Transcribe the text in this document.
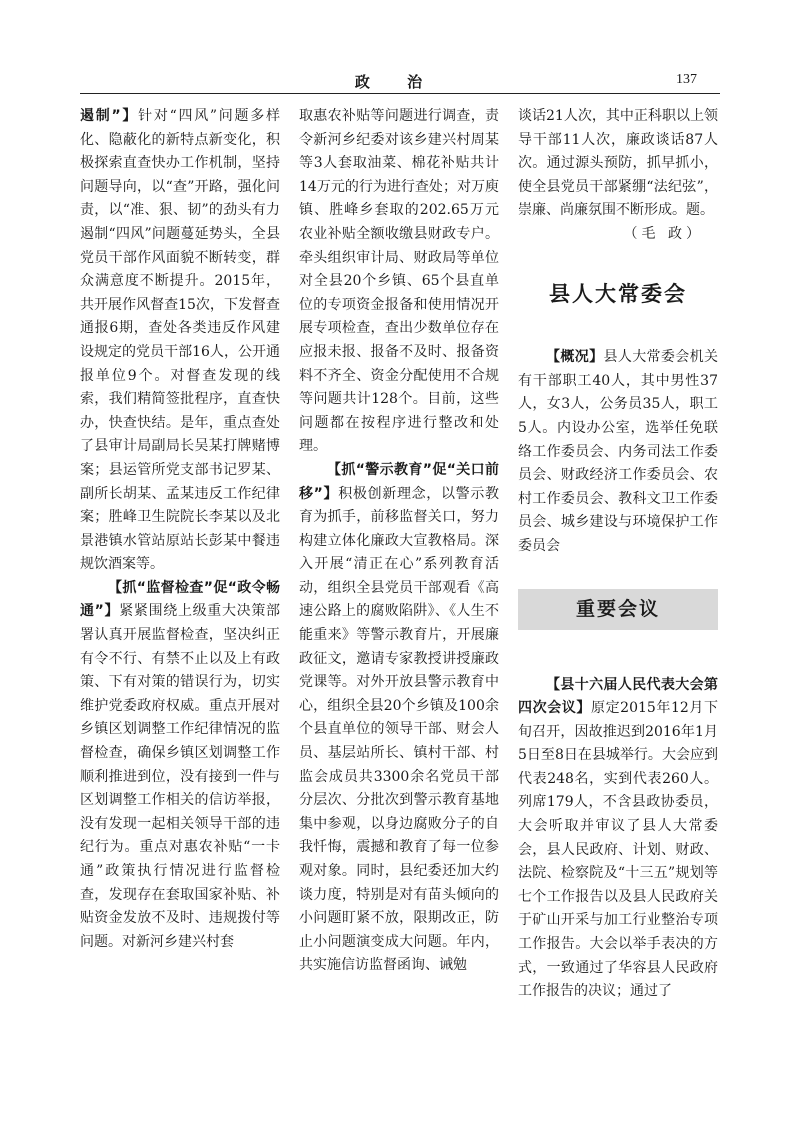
政 治	137

遏制”】针对“四风”问题多样化、隐蔽化的新特点新变化，积极探索直查快办工作机制，坚持问题导向，以“查”开路，强化问责，以“准、狠、韧”的劲头有力遏制“四风”问题蔓延势头，全县党员干部作风面貌不断转变，群众满意度不断提升。2015年，共开展作风督查15次，下发督查通报6期，查处各类违反作风建设规定的党员干部16人，公开通报单位9个。对督查发现的线索，我们精简签批程序，直查快办，快查快结。是年，重点查处了县审计局副局长吴某打牌赌博案；县运管所党支部书记罗某、副所长胡某、孟某违反工作纪律案；胜峰卫生院院长李某以及北景港镇水管站原站长彭某中餐违规饮酒案等。

【抓“监督检查”促“政令畅通”】紧紧围绕上级重大决策部署认真开展监督检查，坚决纠正有令不行、有禁不止以及上有政策、下有对策的错误行为，切实维护党委政府权威。重点开展对乡镇区划调整工作纪律情况的监督检查，确保乡镇区划调整工作顺利推进到位，没有接到一件与区划调整工作相关的信访举报，没有发现一起相关领导干部的违纪行为。重点对惠农补贴“一卡通”政策执行情况进行监督检查，发现存在套取国家补贴、补贴资金发放不及时、违规拨付等问题。对新河乡建兴村套

取惠农补贴等问题进行调查，责令新河乡纪委对该乡建兴村周某等3人套取油菜、棉花补贴共计14万元的行为进行查处；对万庾镇、胜峰乡套取的202.65万元农业补贴全额收缴县财政专户。牵头组织审计局、财政局等单位对全县20个乡镇、65个县直单位的专项资金报备和使用情况开展专项检查，查出少数单位存在应报未报、报备不及时、报备资料不齐全、资金分配使用不合规等问题共计128个。目前，这些问题都在按程序进行整改和处理。

【抓“警示教育”促“关口前移”】积极创新理念，以警示教育为抓手，前移监督关口，努力构建立体化廉政大宣教格局。深入开展“清正在心”系列教育活动，组织全县党员干部观看《高速公路上的腐败陷阱》、《人生不能重来》等警示教育片，开展廉政征文，邀请专家教授讲授廉政党课等。对外开放县警示教育中心，组织全县20个乡镇及100余个县直单位的领导干部、财会人员、基层站所长、镇村干部、村监会成员共3300余名党员干部分层次、分批次到警示教育基地集中参观，以身边腐败分子的自我忏悔，震撼和教育了每一位参观对象。同时，县纪委还加大约谈力度，特别是对有苗头倾向的小问题盯紧不放，限期改正，防止小问题演变成大问题。年内，共实施信访监督函询、诫勉

谈话21人次，其中正科职以上领导干部11人次，廉政谈话87人次。通过源头预防，抓早抓小，使全县党员干部紧绷“法纪弦”，崇廉、尚廉氛围不断形成。题。

（毛 政）

县人大常委会

【概况】县人大常委会机关有干部职工40人，其中男性37人，女3人，公务员35人，职工5人。内设办公室，选举任免联络工作委员会、内务司法工作委员会、财政经济工作委员会、农村工作委员会、教科文卫工作委员会、城乡建设与环境保护工作委员会

重要会议

【县十六届人民代表大会第四次会议】原定2015年12月下旬召开，因故推迟到2016年1月5日至8日在县城举行。大会应到代表248名，实到代表260人。列席179人，不含县政协委员，大会听取并审议了县人大常委会，县人民政府、计划、财政、法院、检察院及“十三五”规划等七个工作报告以及县人民政府关于矿山开采与加工行业整治专项工作报告。大会以举手表决的方式，一致通过了华容县人民政府工作报告的决议；通过了
